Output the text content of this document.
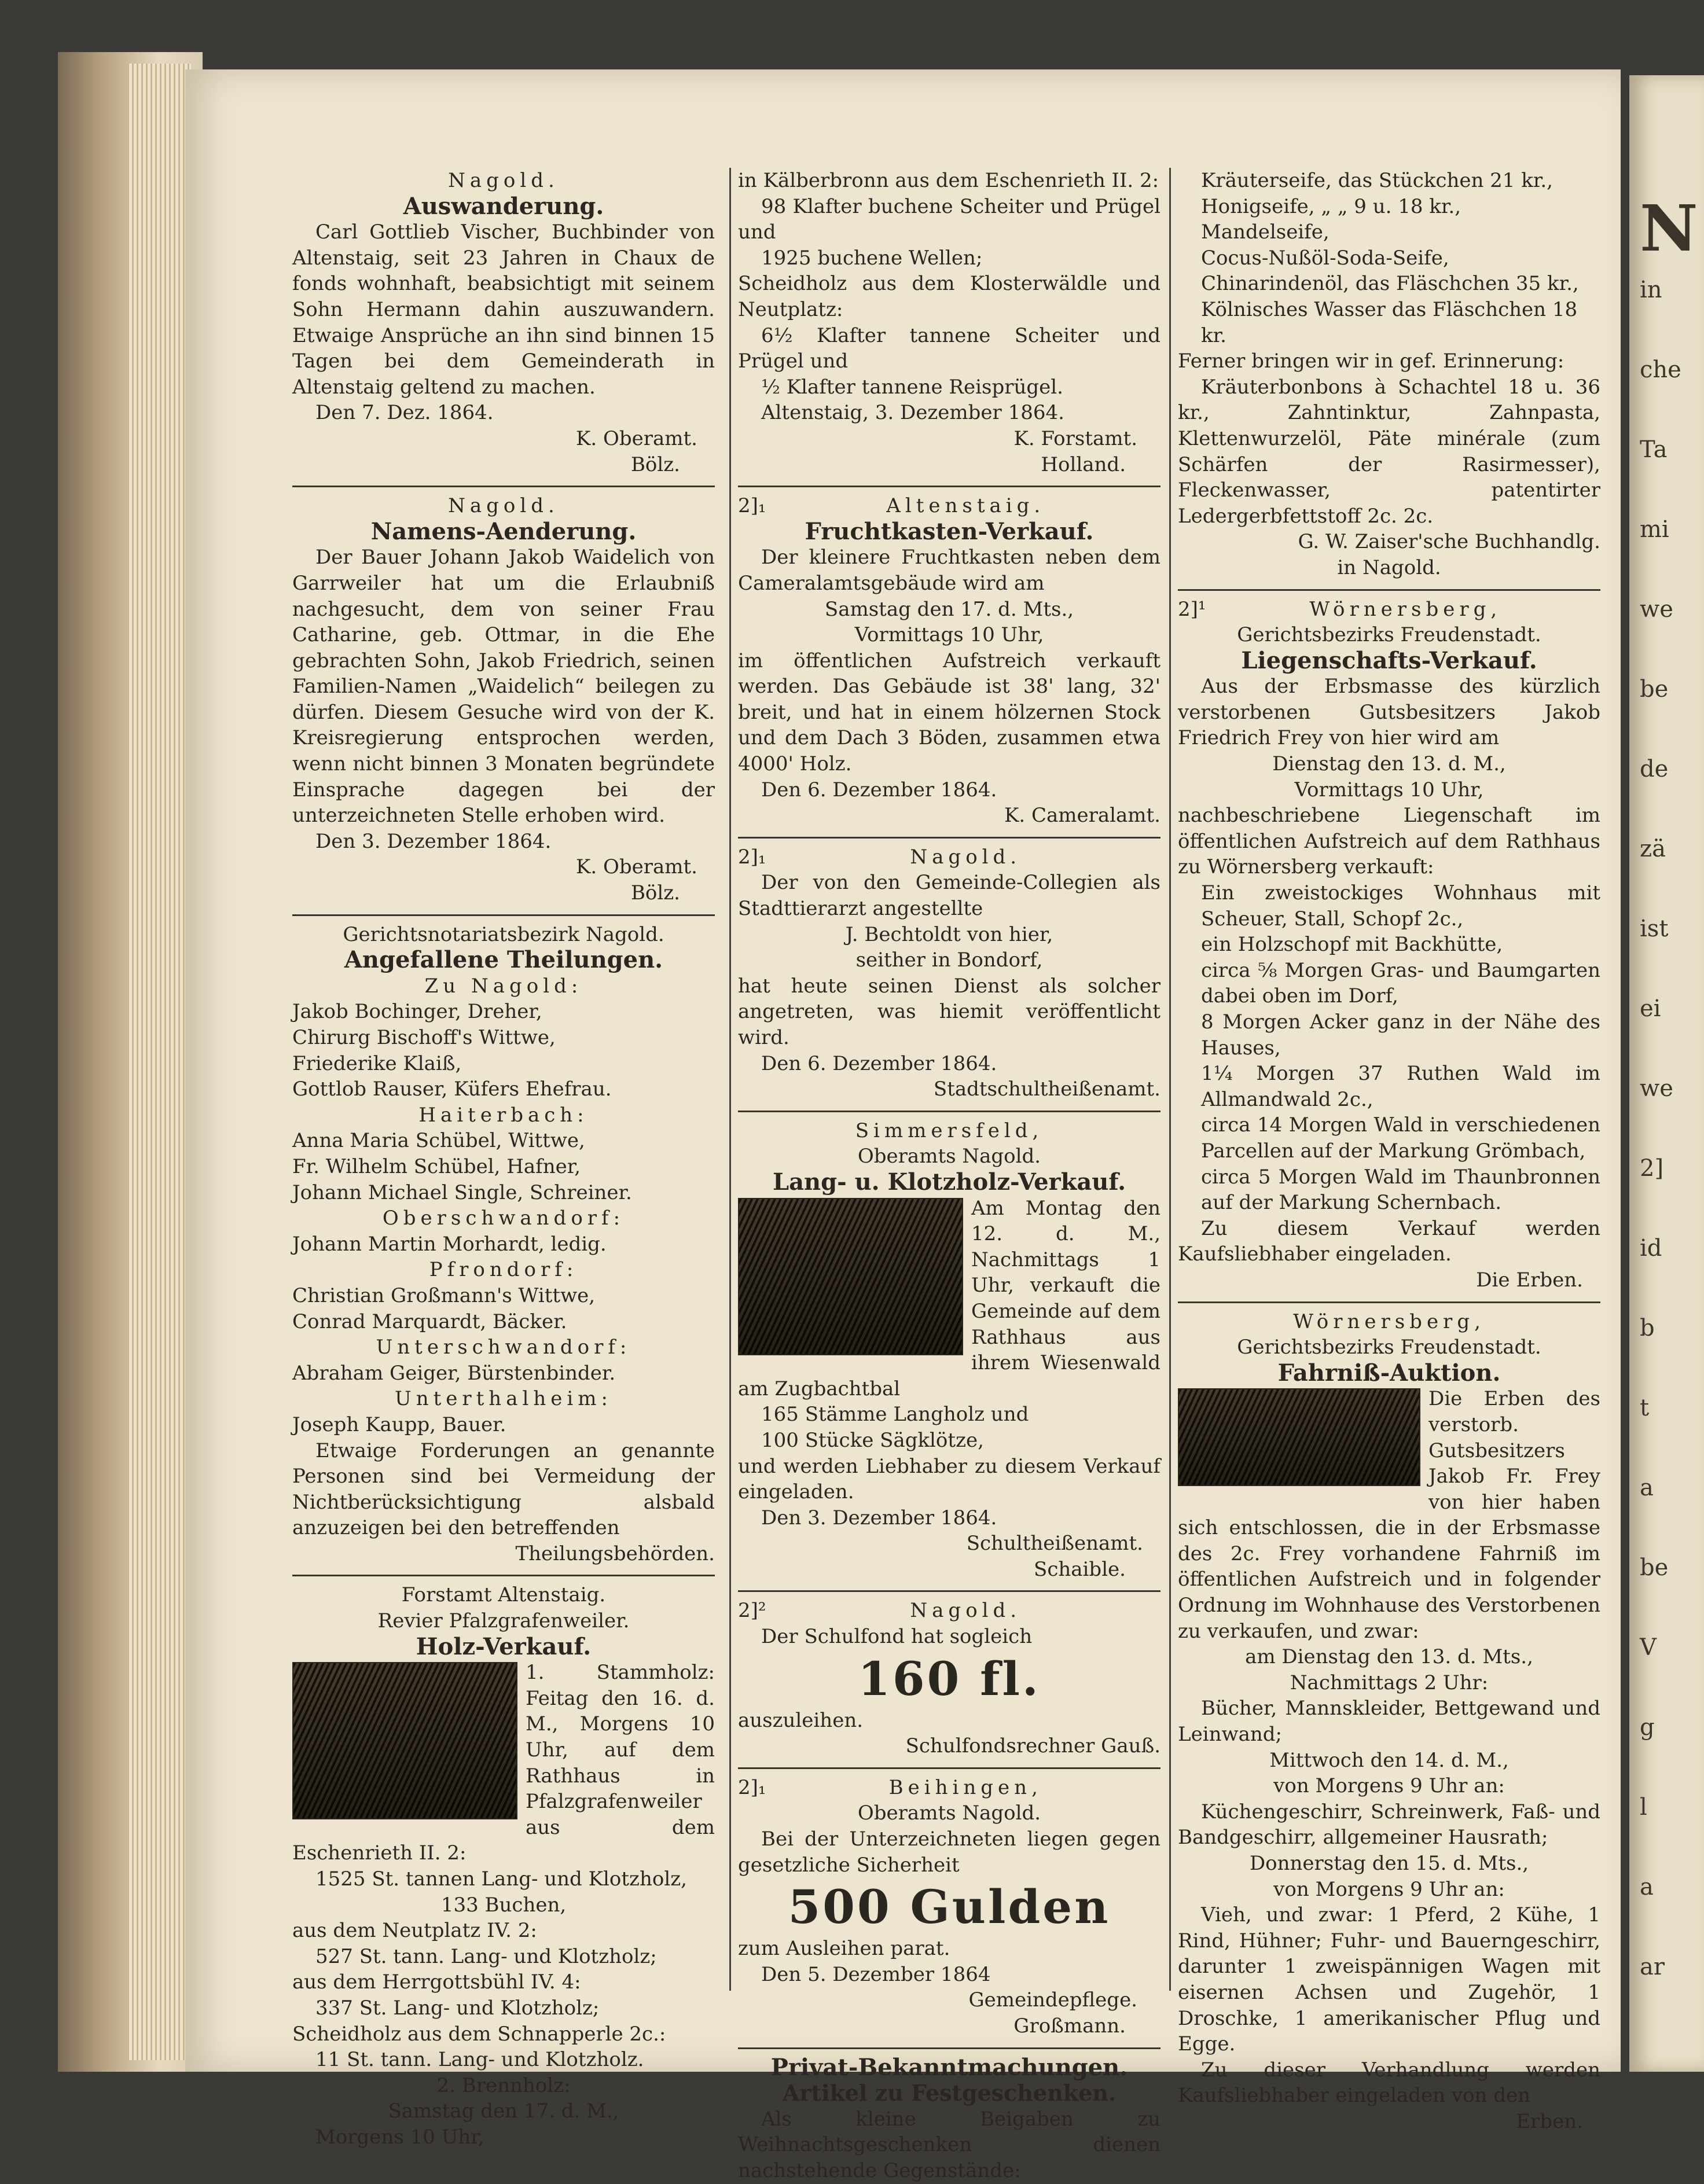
Nagold.
Auswanderung.
Carl Gottlieb Vischer, Buchbinder von Altenstaig, seit 23 Jahren in Chaux de fonds wohnhaft, beabsichtigt mit seinem Sohn Hermann dahin auszuwandern. Etwaige Ansprüche an ihn sind binnen 15 Tagen bei dem Gemeinderath in Altenstaig geltend zu machen.
Den 7. Dez. 1864.
K. Oberamt.
Bölz.
Nagold.
Namens-Aenderung.
Der Bauer Johann Jakob Waidelich von Garrweiler hat um die Erlaubniß nachgesucht, dem von seiner Frau Catharine, geb. Ottmar, in die Ehe gebrachten Sohn, Jakob Friedrich, seinen Familien-Namen „Waidelich“ beilegen zu dürfen. Diesem Gesuche wird von der K. Kreisregierung entsprochen werden, wenn nicht binnen 3 Monaten begründete Einsprache dagegen bei der unterzeichneten Stelle erhoben wird.
Den 3. Dezember 1864.
K. Oberamt.
Bölz.
Gerichtsnotariatsbezirk Nagold.
Angefallene Theilungen.
Zu Nagold:
Jakob Bochinger, Dreher,
Chirurg Bischoff's Wittwe,
Friederike Klaiß,
Gottlob Rauser, Küfers Ehefrau.
Haiterbach:
Anna Maria Schübel, Wittwe,
Fr. Wilhelm Schübel, Hafner,
Johann Michael Single, Schreiner.
Oberschwandorf:
Johann Martin Morhardt, ledig.
Pfrondorf:
Christian Großmann's Wittwe,
Conrad Marquardt, Bäcker.
Unterschwandorf:
Abraham Geiger, Bürstenbinder.
Unterthalheim:
Joseph Kaupp, Bauer.
Etwaige Forderungen an genannte Personen sind bei Vermeidung der Nichtberücksichtigung alsbald anzuzeigen bei den betreffenden
Theilungsbehörden.
Forstamt Altenstaig.
Revier Pfalzgrafenweiler.
Holz-Verkauf.
1. Stammholz: Feitag den 16. d. M., Morgens 10 Uhr, auf dem Rathhaus in Pfalzgrafenweiler aus dem Eschenrieth II. 2:
1525 St. tannen Lang- und Klotzholz,
133 Buchen,
aus dem Neutplatz IV. 2:
527 St. tann. Lang- und Klotzholz;
aus dem Herrgottsbühl IV. 4:
337 St. Lang- und Klotzholz;
Scheidholz aus dem Schnapperle 2c.:
11 St. tann. Lang- und Klotzholz.
2. Brennholz:
Samstag den 17. d. M.,
Morgens 10 Uhr,
in Kälberbronn aus dem Eschenrieth II. 2:
98 Klafter buchene Scheiter und Prügel und
1925 buchene Wellen;
Scheidholz aus dem Klosterwäldle und Neutplatz:
6½ Klafter tannene Scheiter und Prügel und
½ Klafter tannene Reisprügel.
Altenstaig, 3. Dezember 1864.
K. Forstamt.
Holland.
2]₁	Altenstaig.
Fruchtkasten-Verkauf.
Der kleinere Fruchtkasten neben dem Cameralamtsgebäude wird am
Samstag den 17. d. Mts.,
Vormittags 10 Uhr,
im öffentlichen Aufstreich verkauft werden. Das Gebäude ist 38' lang, 32' breit, und hat in einem hölzernen Stock und dem Dach 3 Böden, zusammen etwa 4000' Holz.
Den 6. Dezember 1864.
K. Cameralamt.
2]₁	Nagold.
Der von den Gemeinde-Collegien als Stadttierarzt angestellte
J. Bechtoldt von hier,
seither in Bondorf,
hat heute seinen Dienst als solcher angetreten, was hiemit veröffentlicht wird.
Den 6. Dezember 1864.
Stadtschultheißenamt.
Simmersfeld,
Oberamts Nagold.
Lang- u. Klotzholz-Verkauf.
Am Montag den 12. d. M., Nachmittags 1 Uhr, verkauft die Gemeinde auf dem Rathhaus aus ihrem Wiesenwald am Zugbachtbal
165 Stämme Langholz und
100 Stücke Sägklötze,
und werden Liebhaber zu diesem Verkauf eingeladen.
Den 3. Dezember 1864.
Schultheißenamt.
Schaible.
2]²	Nagold.
Der Schulfond hat sogleich
160 fl.
auszuleihen.
Schulfondsrechner Gauß.
2]₁	Beihingen,
Oberamts Nagold.
Bei der Unterzeichneten liegen gegen gesetzliche Sicherheit
500 Gulden
zum Ausleihen parat.
Den 5. Dezember 1864
Gemeindepflege.
Großmann.
Privat-Bekanntmachungen.
Artikel zu Festgeschenken.
Als kleine Beigaben zu Weihnachtsgeschenken dienen nachstehende Gegenstände:
Kräuterseife, das Stückchen 21 kr.,
Honigseife, „ „ 9 u. 18 kr.,
Mandelseife,
Cocus-Nußöl-Soda-Seife,
Chinarindenöl, das Fläschchen 35 kr.,
Kölnisches Wasser das Fläschchen 18 kr.
Ferner bringen wir in gef. Erinnerung:
Kräuterbonbons à Schachtel 18 u. 36 kr., Zahntinktur, Zahnpasta, Klettenwurzelöl, Päte minérale (zum Schärfen der Rasirmesser), Fleckenwasser, patentirter Ledergerbfettstoff 2c. 2c.
G. W. Zaiser'sche Buchhandlg.
in Nagold.
2]¹	Wörnersberg,
Gerichtsbezirks Freudenstadt.
Liegenschafts-Verkauf.
Aus der Erbsmasse des kürzlich verstorbenen Gutsbesitzers Jakob Friedrich Frey von hier wird am
Dienstag den 13. d. M.,
Vormittags 10 Uhr,
nachbeschriebene Liegenschaft im öffentlichen Aufstreich auf dem Rathhaus zu Wörnersberg verkauft:
Ein zweistockiges Wohnhaus mit Scheuer, Stall, Schopf 2c.,
ein Holzschopf mit Backhütte,
circa ⅝ Morgen Gras- und Baumgarten dabei oben im Dorf,
8 Morgen Acker ganz in der Nähe des Hauses,
1¼ Morgen 37 Ruthen Wald im Allmandwald 2c.,
circa 14 Morgen Wald in verschiedenen Parcellen auf der Markung Grömbach,
circa 5 Morgen Wald im Thaunbronnen auf der Markung Schernbach.
Zu diesem Verkauf werden Kaufsliebhaber eingeladen.
Die Erben.
Wörnersberg,
Gerichtsbezirks Freudenstadt.
Fahrniß-Auktion.
Die Erben des verstorb. Gutsbesitzers Jakob Fr. Frey von hier haben sich entschlossen, die in der Erbsmasse des 2c. Frey vorhandene Fahrniß im öffentlichen Aufstreich und in folgender Ordnung im Wohnhause des Verstorbenen zu verkaufen, und zwar:
am Dienstag den 13. d. Mts.,
Nachmittags 2 Uhr:
Bücher, Mannskleider, Bettgewand und Leinwand;
Mittwoch den 14. d. M.,
von Morgens 9 Uhr an:
Küchengeschirr, Schreinwerk, Faß- und Bandgeschirr, allgemeiner Hausrath;
Donnerstag den 15. d. Mts.,
von Morgens 9 Uhr an:
Vieh, und zwar: 1 Pferd, 2 Kühe, 1 Rind, Hühner; Fuhr- und Bauerngeschirr, darunter 1 zweispännigen Wagen mit eisernen Achsen und Zugehör, 1 Droschke, 1 amerikanischer Pflug und Egge.
Zu dieser Verhandlung werden Kaufsliebhaber eingeladen von den
Erben.
N
in
che
Ta
mi
we
be
de
zä
ist
ei
we
2]
id
b
t
a
be
V
g
l
a
ar
